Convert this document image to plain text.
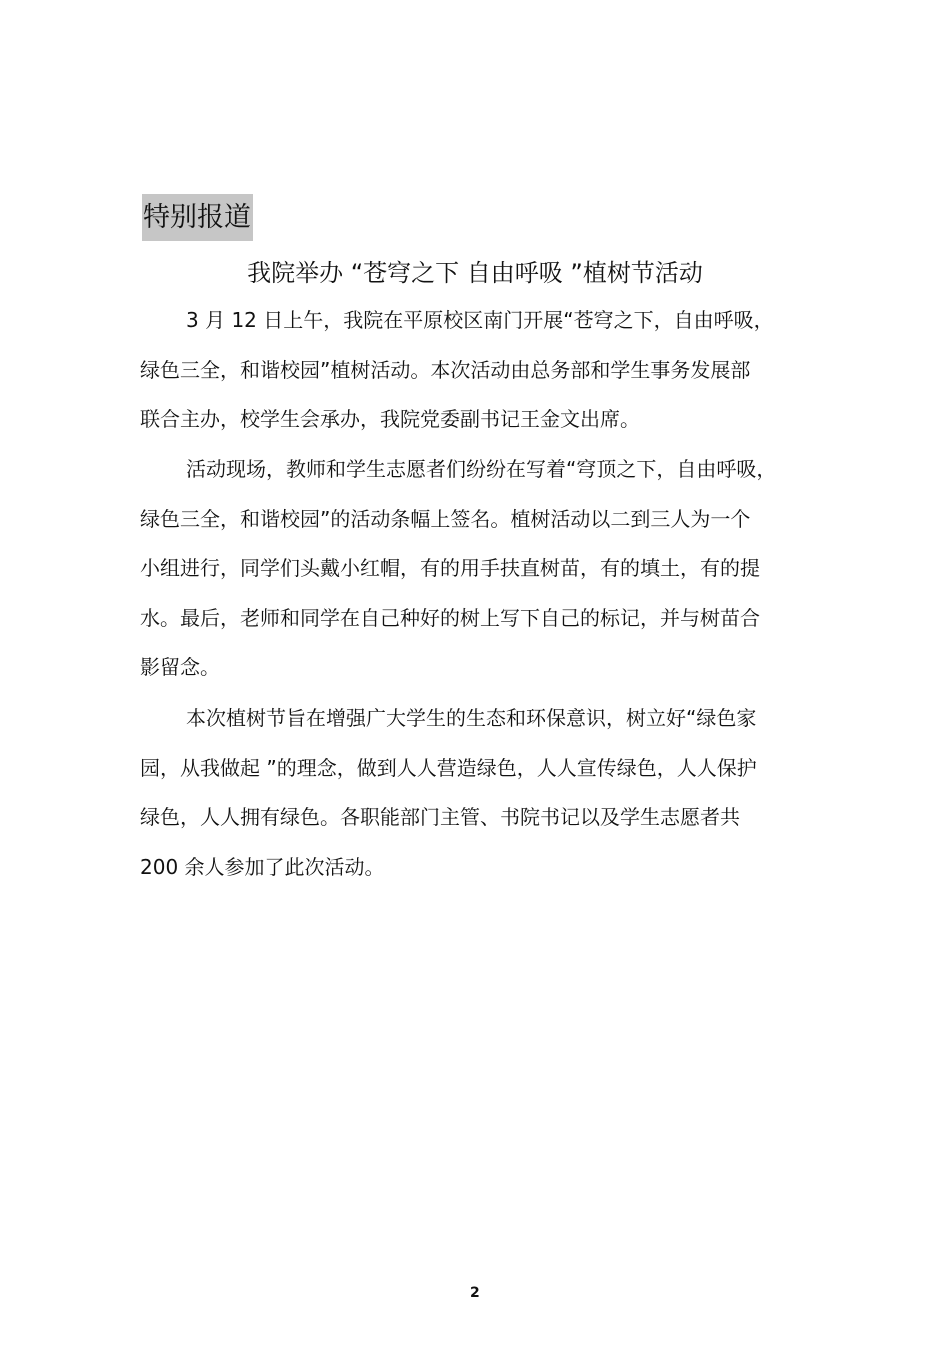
特别报道
我院举办 “苍穹之下 自由呼吸 ”植树节活动

3 月 12 日上午，我院在平原校区南门开展“苍穹之下，自由呼吸，
绿色三全，和谐校园”植树活动。本次活动由总务部和学生事务发展部
联合主办，校学生会承办，我院党委副书记王金文出席。

活动现场，教师和学生志愿者们纷纷在写着“穹顶之下，自由呼吸，
绿色三全，和谐校园”的活动条幅上签名。植树活动以二到三人为一个
小组进行，同学们头戴小红帽，有的用手扶直树苗，有的填土，有的提
水。最后，老师和同学在自己种好的树上写下自己的标记，并与树苗合
影留念。

本次植树节旨在增强广大学生的生态和环保意识，树立好“绿色家
园，从我做起 ”的理念，做到人人营造绿色，人人宣传绿色，人人保护
绿色，人人拥有绿色。各职能部门主管、书院书记以及学生志愿者共
200 余人参加了此次活动。

2
